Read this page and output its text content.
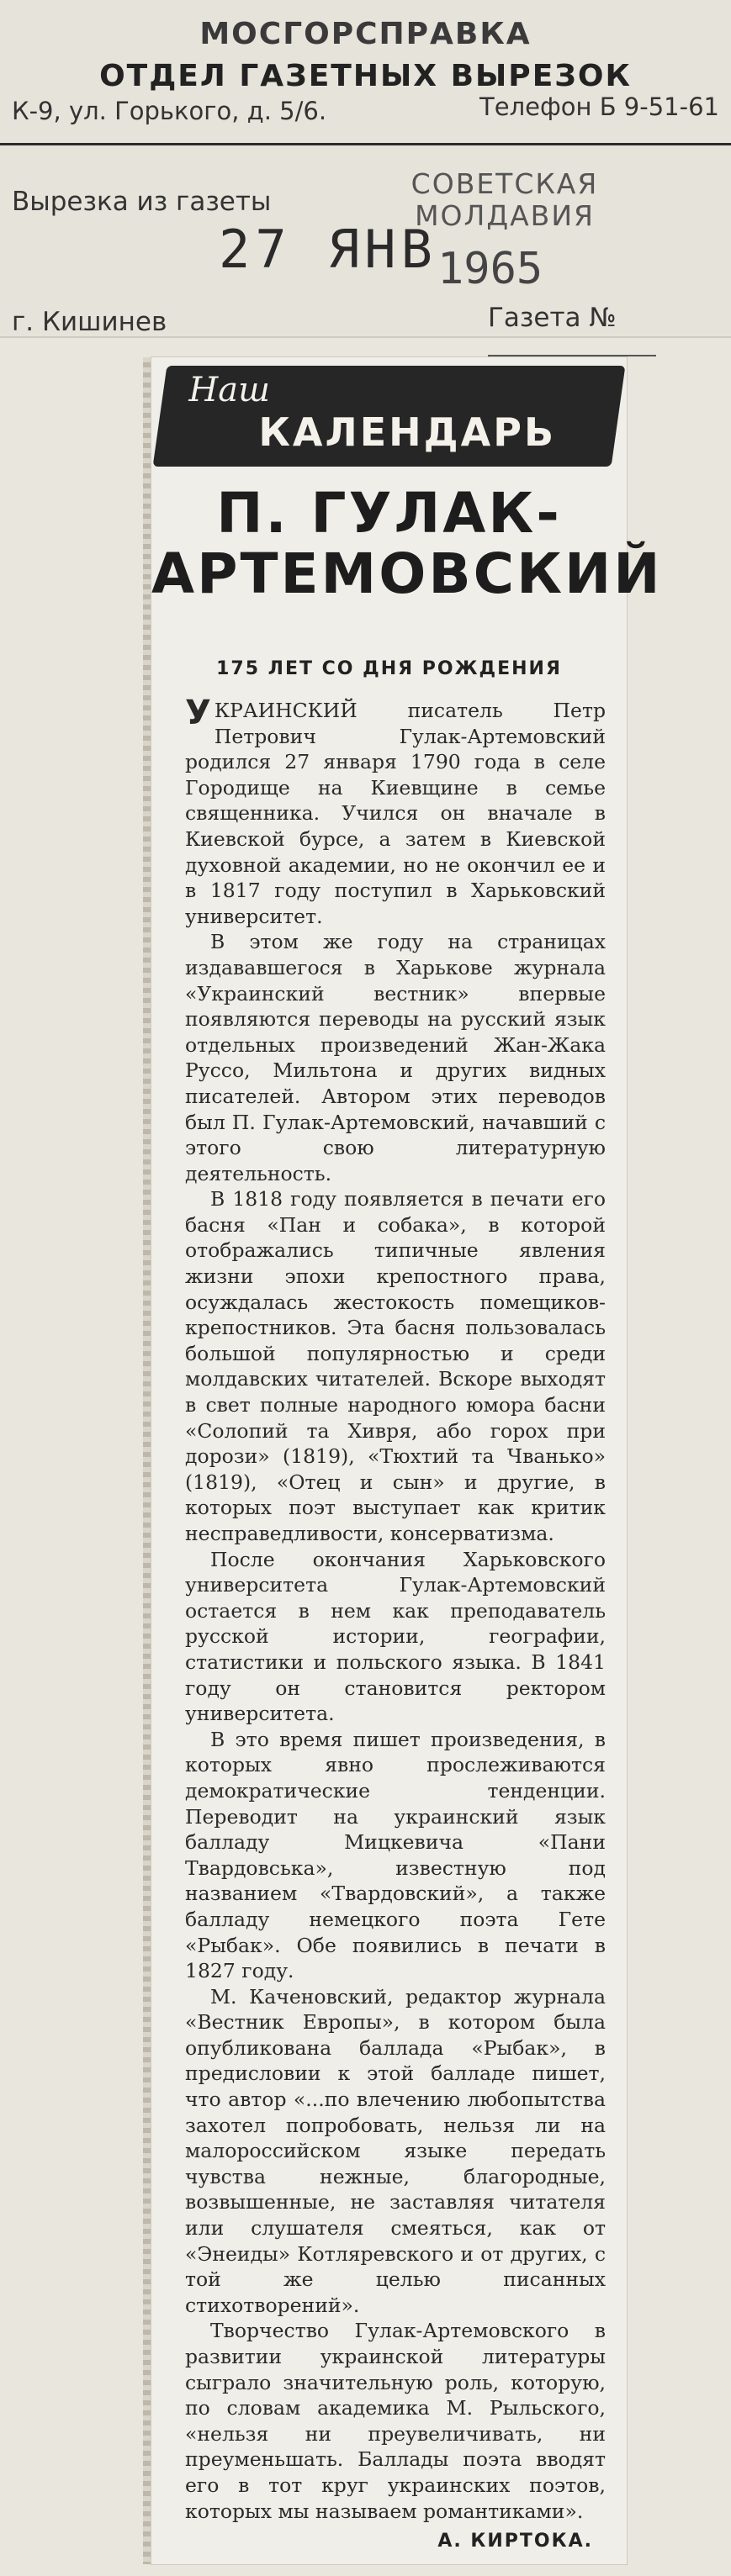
МОСГОРСПРАВКА
ОТДЕЛ ГАЗЕТНЫХ ВЫРЕЗОК
К-9, ул. Горького, д. 5/6.	Телефон Б 9-51-61
Вырезка из газеты
СОВЕТСКАЯ МОЛДАВИЯ
27 ЯНВ 1965
г. Кишинев	Газета №
Наш
КАЛЕНДАРЬ
П. ГУЛАК-АРТЕМОВСКИЙ
175 ЛЕТ СО ДНЯ РОЖДЕНИЯ

УКРАИНСКИЙ писатель Петр Петрович Гулак-Артемовский родился 27 января 1790 года в селе Городище на Киевщине в семье священника. Учился он вначале в Киевской бурсе, а затем в Киевской духовной академии, но не окончил ее и в 1817 году поступил в Харьковский университет.

В этом же году на страницах издававшегося в Харькове журнала «Украинский вестник» впервые появляются переводы на русский язык отдельных произведений Жан-Жака Руссо, Мильтона и других видных писателей. Автором этих переводов был П. Гулак-Артемовский, начавший с этого свою литературную деятельность.

В 1818 году появляется в печати его басня «Пан и собака», в которой отображались типичные явления жизни эпохи крепостного права, осуждалась жестокость помещиков-крепостников. Эта басня пользовалась большой популярностью и среди молдавских читателей. Вскоре выходят в свет полные народного юмора басни «Солопий та Хивря, або горох при дорози» (1819), «Тюхтий та Чванько» (1819), «Отец и сын» и другие, в которых поэт выступает как критик несправедливости, консерватизма.

После окончания Харьковского университета Гулак-Артемовский остается в нем как преподаватель русской истории, географии, статистики и польского языка. В 1841 году он становится ректором университета.

В это время пишет произведения, в которых явно прослеживаются демократические тенденции. Переводит на украинский язык балладу Мицкевича «Пани Твардовська», известную под названием «Твардовский», а также балладу немецкого поэта Гете «Рыбак». Обе появились в печати в 1827 году.

М. Каченовский, редактор журнала «Вестник Европы», в котором была опубликована баллада «Рыбак», в предисловии к этой балладе пишет, что автор «...по влечению любопытства захотел попробовать, нельзя ли на малороссийском языке передать чувства нежные, благородные, возвышенные, не заставляя читателя или слушателя смеяться, как от «Энеиды» Котляревского и от других, с той же целью писанных стихотворений».

Творчество Гулак-Артемовского в развитии украинской литературы сыграло значительную роль, которую, по словам академика М. Рыльского, «нельзя ни преувеличивать, ни преуменьшать. Баллады поэта вводят его в тот круг украинских поэтов, которых мы называем романтиками».

А. КИРТОКА.
